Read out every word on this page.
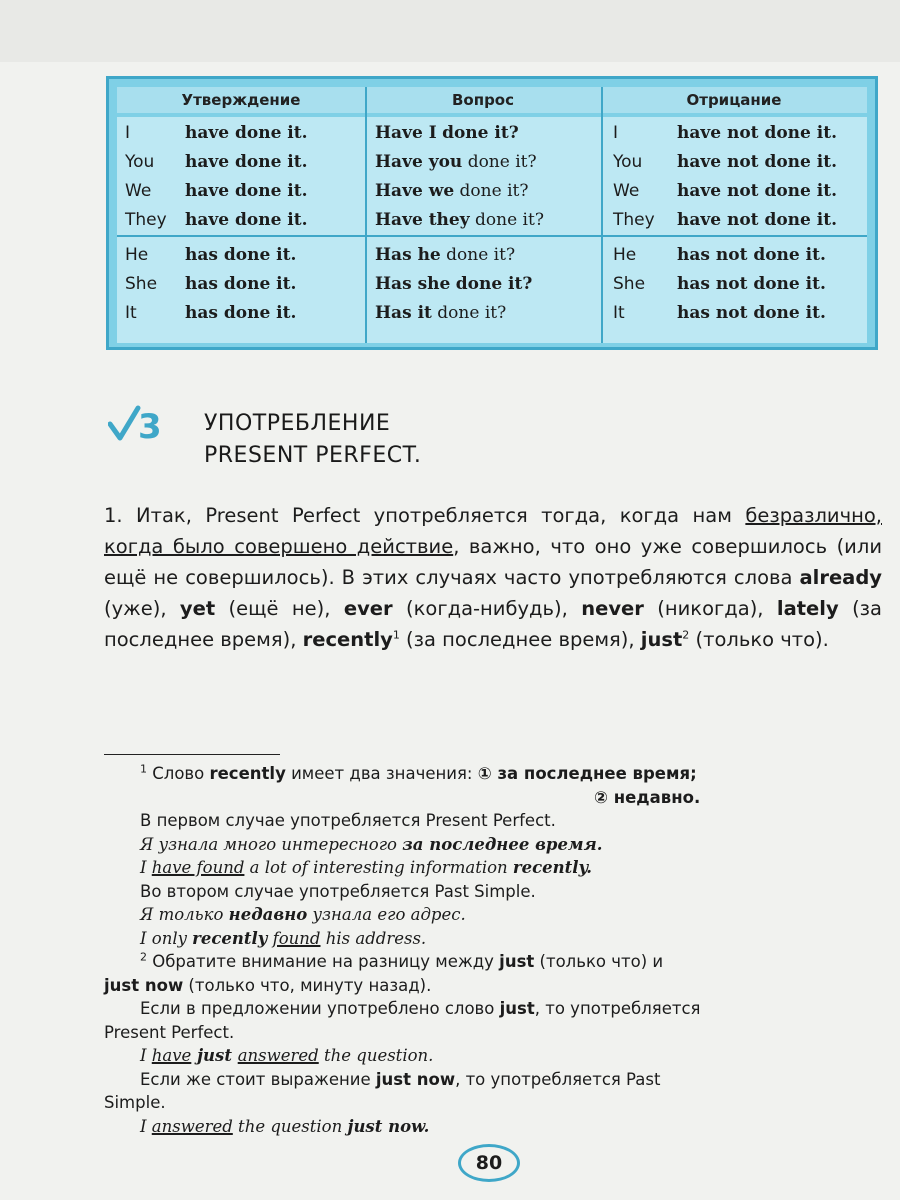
Утверждение	Вопрос	Отрицание
I	have done it.	Have I done it?	I	have not done it.
You have done it.	Have you done it?	You have not done it.
We have done it.	Have we done it?	We have not done it.
They have done it.	Have they done it?	They have not done it.
He has done it.	Has he done it?	He has not done it.
She has done it.	Has she done it?	She has not done it.
It	has done it.	Has it done it?	It	has not done it.
3 УПОТРЕБЛЕНИЕ
PRESENT PERFECT.

1. Итак, Present Perfect употребляется тогда, когда нам безразлично, когда было совершено действие, важно, что оно уже совершилось (или ещё не совершилось). В этих случаях часто употребляются слова already (уже), yet (ещё не), ever (когда-нибудь), never (никогда), lately (за последнее время), recently$^1$ (за последнее время), just$^2$ (только что).

$^1$ Слово recently имеет два значения: ① за последнее время;
② недавно.
В первом случае употребляется Present Perfect.
Я узнала много интересного за последнее время.
I have found a lot of interesting information recently.
Во втором случае употребляется Past Simple.
Я только недавно узнала его адрес.
I only recently found his address.
$^2$ Обратите внимание на разницу между just (только что) и
just now (только что, минуту назад).
Если в предложении употреблено слово just, то употребляется
Present Perfect.
I have just answered the question.
Если же стоит выражение just now, то употребляется Past
Simple.
I answered the question just now.
80
